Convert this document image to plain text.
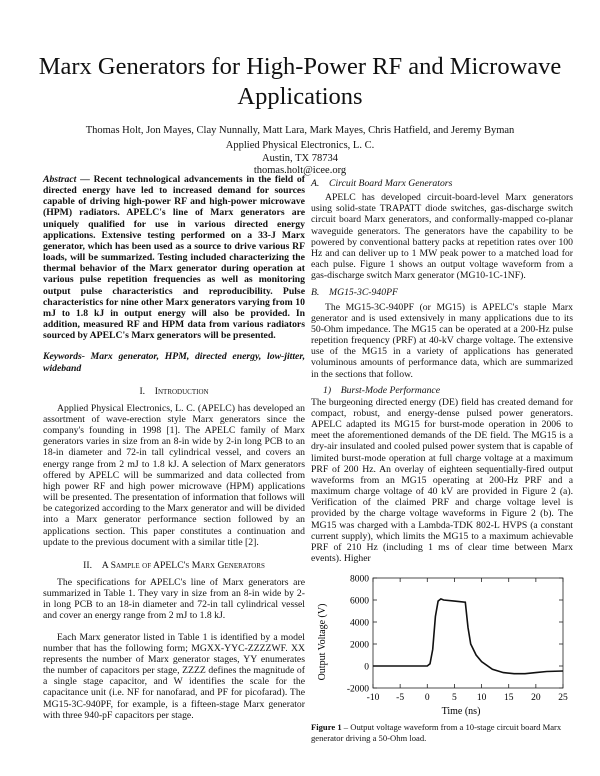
Marx Generators for High-Power RF and Microwave Applications
Thomas Holt, Jon Mayes, Clay Nunnally, Matt Lara, Mark Mayes, Chris Hatfield, and Jeremy Byman
Applied Physical Electronics, L. C.
Austin, TX 78734
thomas.holt@icee.org

Abstract — Recent technological advancements in the field of directed energy have led to increased demand for sources capable of driving high-power RF and high-power microwave (HPM) radiators. APELC's line of Marx generators are uniquely qualified for use in various directed energy applications. Extensive testing performed on a 33-J Marx generator, which has been used as a source to drive various RF loads, will be summarized. Testing included characterizing the thermal behavior of the Marx generator during operation at various pulse repetition frequencies as well as monitoring output pulse characteristics and reproducibility. Pulse characteristics for nine other Marx generators varying from 10 mJ to 1.8 kJ in output energy will also be provided. In addition, measured RF and HPM data from various radiators sourced by APELC's Marx generators will be presented.

Keywords- Marx generator, HPM, directed energy, low-jitter, wideband

I. Introduction

Applied Physical Electronics, L. C. (APELC) has developed an assortment of wave-erection style Marx generators since the company's founding in 1998 [1]. The APELC family of Marx generators varies in size from an 8-in wide by 2-in long PCB to an 18-in diameter and 72-in tall cylindrical vessel, and covers an energy range from 2 mJ to 1.8 kJ. A selection of Marx generators offered by APELC will be summarized and data collected from high power RF and high power microwave (HPM) applications will be presented. The presentation of information that follows will be categorized according to the Marx generator and will be divided into a Marx generator performance section followed by an applications section. This paper constitutes a continuation and update to the previous document with a similar title [2].

II. A Sample of APELC's Marx Generators

The specifications for APELC's line of Marx generators are summarized in Table 1. They vary in size from an 8-in wide by 2-in long PCB to an 18-in diameter and 72-in tall cylindrical vessel and cover an energy range from 2 mJ to 1.8 kJ.

Each Marx generator listed in Table 1 is identified by a model number that has the following form; MGXX-YYC-ZZZZWF. XX represents the number of Marx generator stages, YY enumerates the number of capacitors per stage, ZZZZ defines the magnitude of a single stage capacitor, and W identifies the scale for the capacitance unit (i.e. NF for nanofarad, and PF for picofarad). The MG15-3C-940PF, for example, is a fifteen-stage Marx generator with three 940-pF capacitors per stage.

A. Circuit Board Marx Generators

APELC has developed circuit-board-level Marx generators using solid-state TRAPATT diode switches, gas-discharge switch circuit board Marx generators, and conformally-mapped co-planar waveguide generators. The generators have the capability to be powered by conventional battery packs at repetition rates over 100 Hz and can deliver up to 1 MW peak power to a matched load for each pulse. Figure 1 shows an output voltage waveform from a gas-discharge switch Marx generator (MG10-1C-1NF).

B. MG15-3C-940PF

The MG15-3C-940PF (or MG15) is APELC's staple Marx generator and is used extensively in many applications due to its 50-Ohm impedance. The MG15 can be operated at a 200-Hz pulse repetition frequency (PRF) at 40-kV charge voltage. The extensive use of the MG15 in a variety of applications has generated voluminous amounts of performance data, which are summarized in the sections that follow.

1) Burst-Mode Performance

The burgeoning directed energy (DE) field has created demand for compact, robust, and energy-dense pulsed power generators. APELC adapted its MG15 for burst-mode operation in 2006 to meet the aforementioned demands of the DE field. The MG15 is a dry-air insulated and cooled pulsed power system that is capable of limited burst-mode operation at full charge voltage at a maximum PRF of 200 Hz. An overlay of eighteen sequentially-fired output waveforms from an MG15 operating at 200-Hz PRF and a maximum charge voltage of 40 kV are provided in Figure 2 (a). Verification of the claimed PRF and charge voltage level is provided by the charge voltage waveforms in Figure 2 (b). The MG15 was charged with a Lambda-TDK 802-L HVPS (a constant current supply), which limits the MG15 to a maximum achievable PRF of 210 Hz (including 1 ms of clear time between Marx events). Higher

8000
6000
4000
2000
0
-2000
-10 -5 0 5 10 15 20 25
Output Voltage (V)
Time (ns)

Figure 1 – Output voltage waveform from a 10-stage circuit board Marx generator driving a 50-Ohm load.
